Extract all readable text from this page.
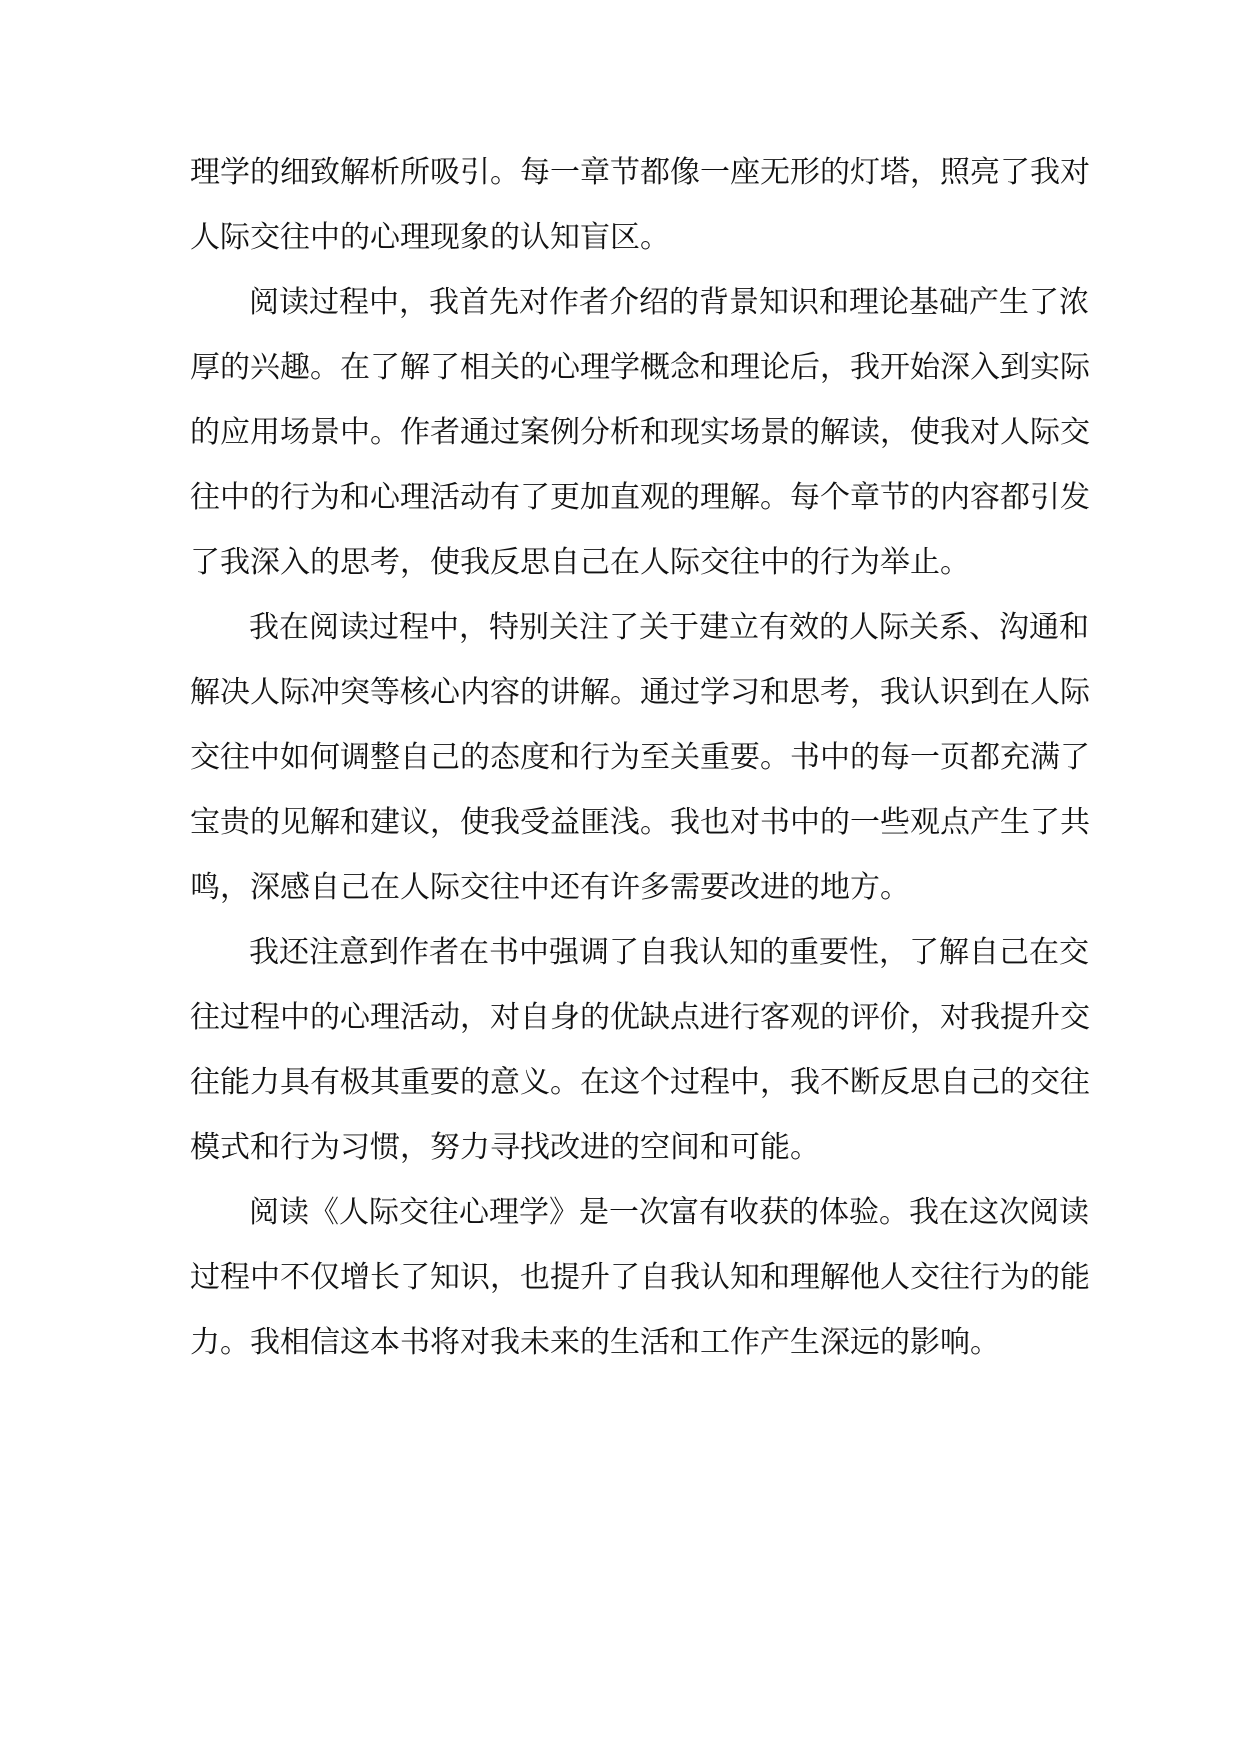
理学的细致解析所吸引。每一章节都像一座无形的灯塔，照亮了我对
人际交往中的心理现象的认知盲区。
阅读过程中，我首先对作者介绍的背景知识和理论基础产生了浓
厚的兴趣。在了解了相关的心理学概念和理论后，我开始深入到实际
的应用场景中。作者通过案例分析和现实场景的解读，使我对人际交
往中的行为和心理活动有了更加直观的理解。每个章节的内容都引发
了我深入的思考，使我反思自己在人际交往中的行为举止。
我在阅读过程中，特别关注了关于建立有效的人际关系、沟通和
解决人际冲突等核心内容的讲解。通过学习和思考，我认识到在人际
交往中如何调整自己的态度和行为至关重要。书中的每一页都充满了
宝贵的见解和建议，使我受益匪浅。我也对书中的一些观点产生了共
鸣，深感自己在人际交往中还有许多需要改进的地方。
我还注意到作者在书中强调了自我认知的重要性，了解自己在交
往过程中的心理活动，对自身的优缺点进行客观的评价，对我提升交
往能力具有极其重要的意义。在这个过程中，我不断反思自己的交往
模式和行为习惯，努力寻找改进的空间和可能。
阅读《人际交往心理学》是一次富有收获的体验。我在这次阅读
过程中不仅增长了知识，也提升了自我认知和理解他人交往行为的能
力。我相信这本书将对我未来的生活和工作产生深远的影响。
